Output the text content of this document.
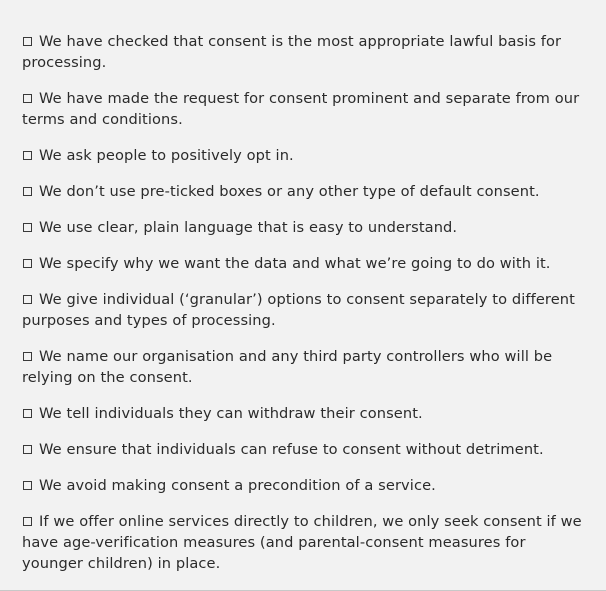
We have checked that consent is the most appropriate lawful basis for processing.
We have made the request for consent prominent and separate from our terms and conditions.
We ask people to positively opt in.
We don’t use pre-ticked boxes or any other type of default consent.
We use clear, plain language that is easy to understand.
We specify why we want the data and what we’re going to do with it.
We give individual (‘granular’) options to consent separately to different purposes and types of processing.
We name our organisation and any third party controllers who will be relying on the consent.
We tell individuals they can withdraw their consent.
We ensure that individuals can refuse to consent without detriment.
We avoid making consent a precondition of a service.
If we offer online services directly to children, we only seek consent if we have age-verification measures (and parental-consent measures for younger children) in place.
